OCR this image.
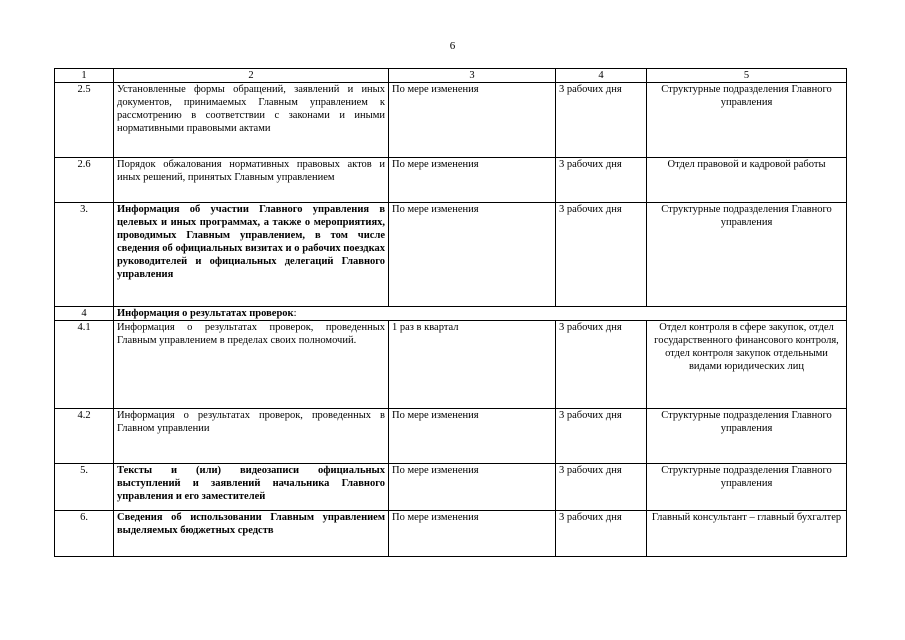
6
1	2	3	4	5
2.5	Установленные формы обращений, заявлений и иных документов, принимаемых Главным управлением к рассмотрению в соответствии с законами и иными нормативными правовыми актами	По мере изменения	3 рабочих дня	Структурные подразделения Главного управления
2.6	Порядок обжалования нормативных правовых актов и иных решений, принятых Главным управлением	По мере изменения	3 рабочих дня	Отдел правовой и кадровой работы
3.	Информация об участии Главного управления в целевых и иных программах, а также о мероприятиях, проводимых Главным управлением, в том числе сведения об официальных визитах и о рабочих поездках руководителей и официальных делегаций Главного управления	По мере изменения	3 рабочих дня	Структурные подразделения Главного управления
4	Информация о результатах проверок:			
4.1	Информация о результатах проверок, проведенных Главным управлением в пределах своих полномочий.	1 раз в квартал	3 рабочих дня	Отдел контроля в сфере закупок, отдел государственного финансового контроля, отдел контроля закупок отдельными видами юридических лиц
4.2	Информация о результатах проверок, проведенных в Главном управлении	По мере изменения	3 рабочих дня	Структурные подразделения Главного управления
5.	Тексты и (или) видеозаписи официальных выступлений и заявлений начальника Главного управления и его заместителей	По мере изменения	3 рабочих дня	Структурные подразделения Главного управления
6.	Сведения об использовании Главным управлением выделяемых бюджетных средств	По мере изменения	3 рабочих дня	Главный консультант – главный бухгалтер
